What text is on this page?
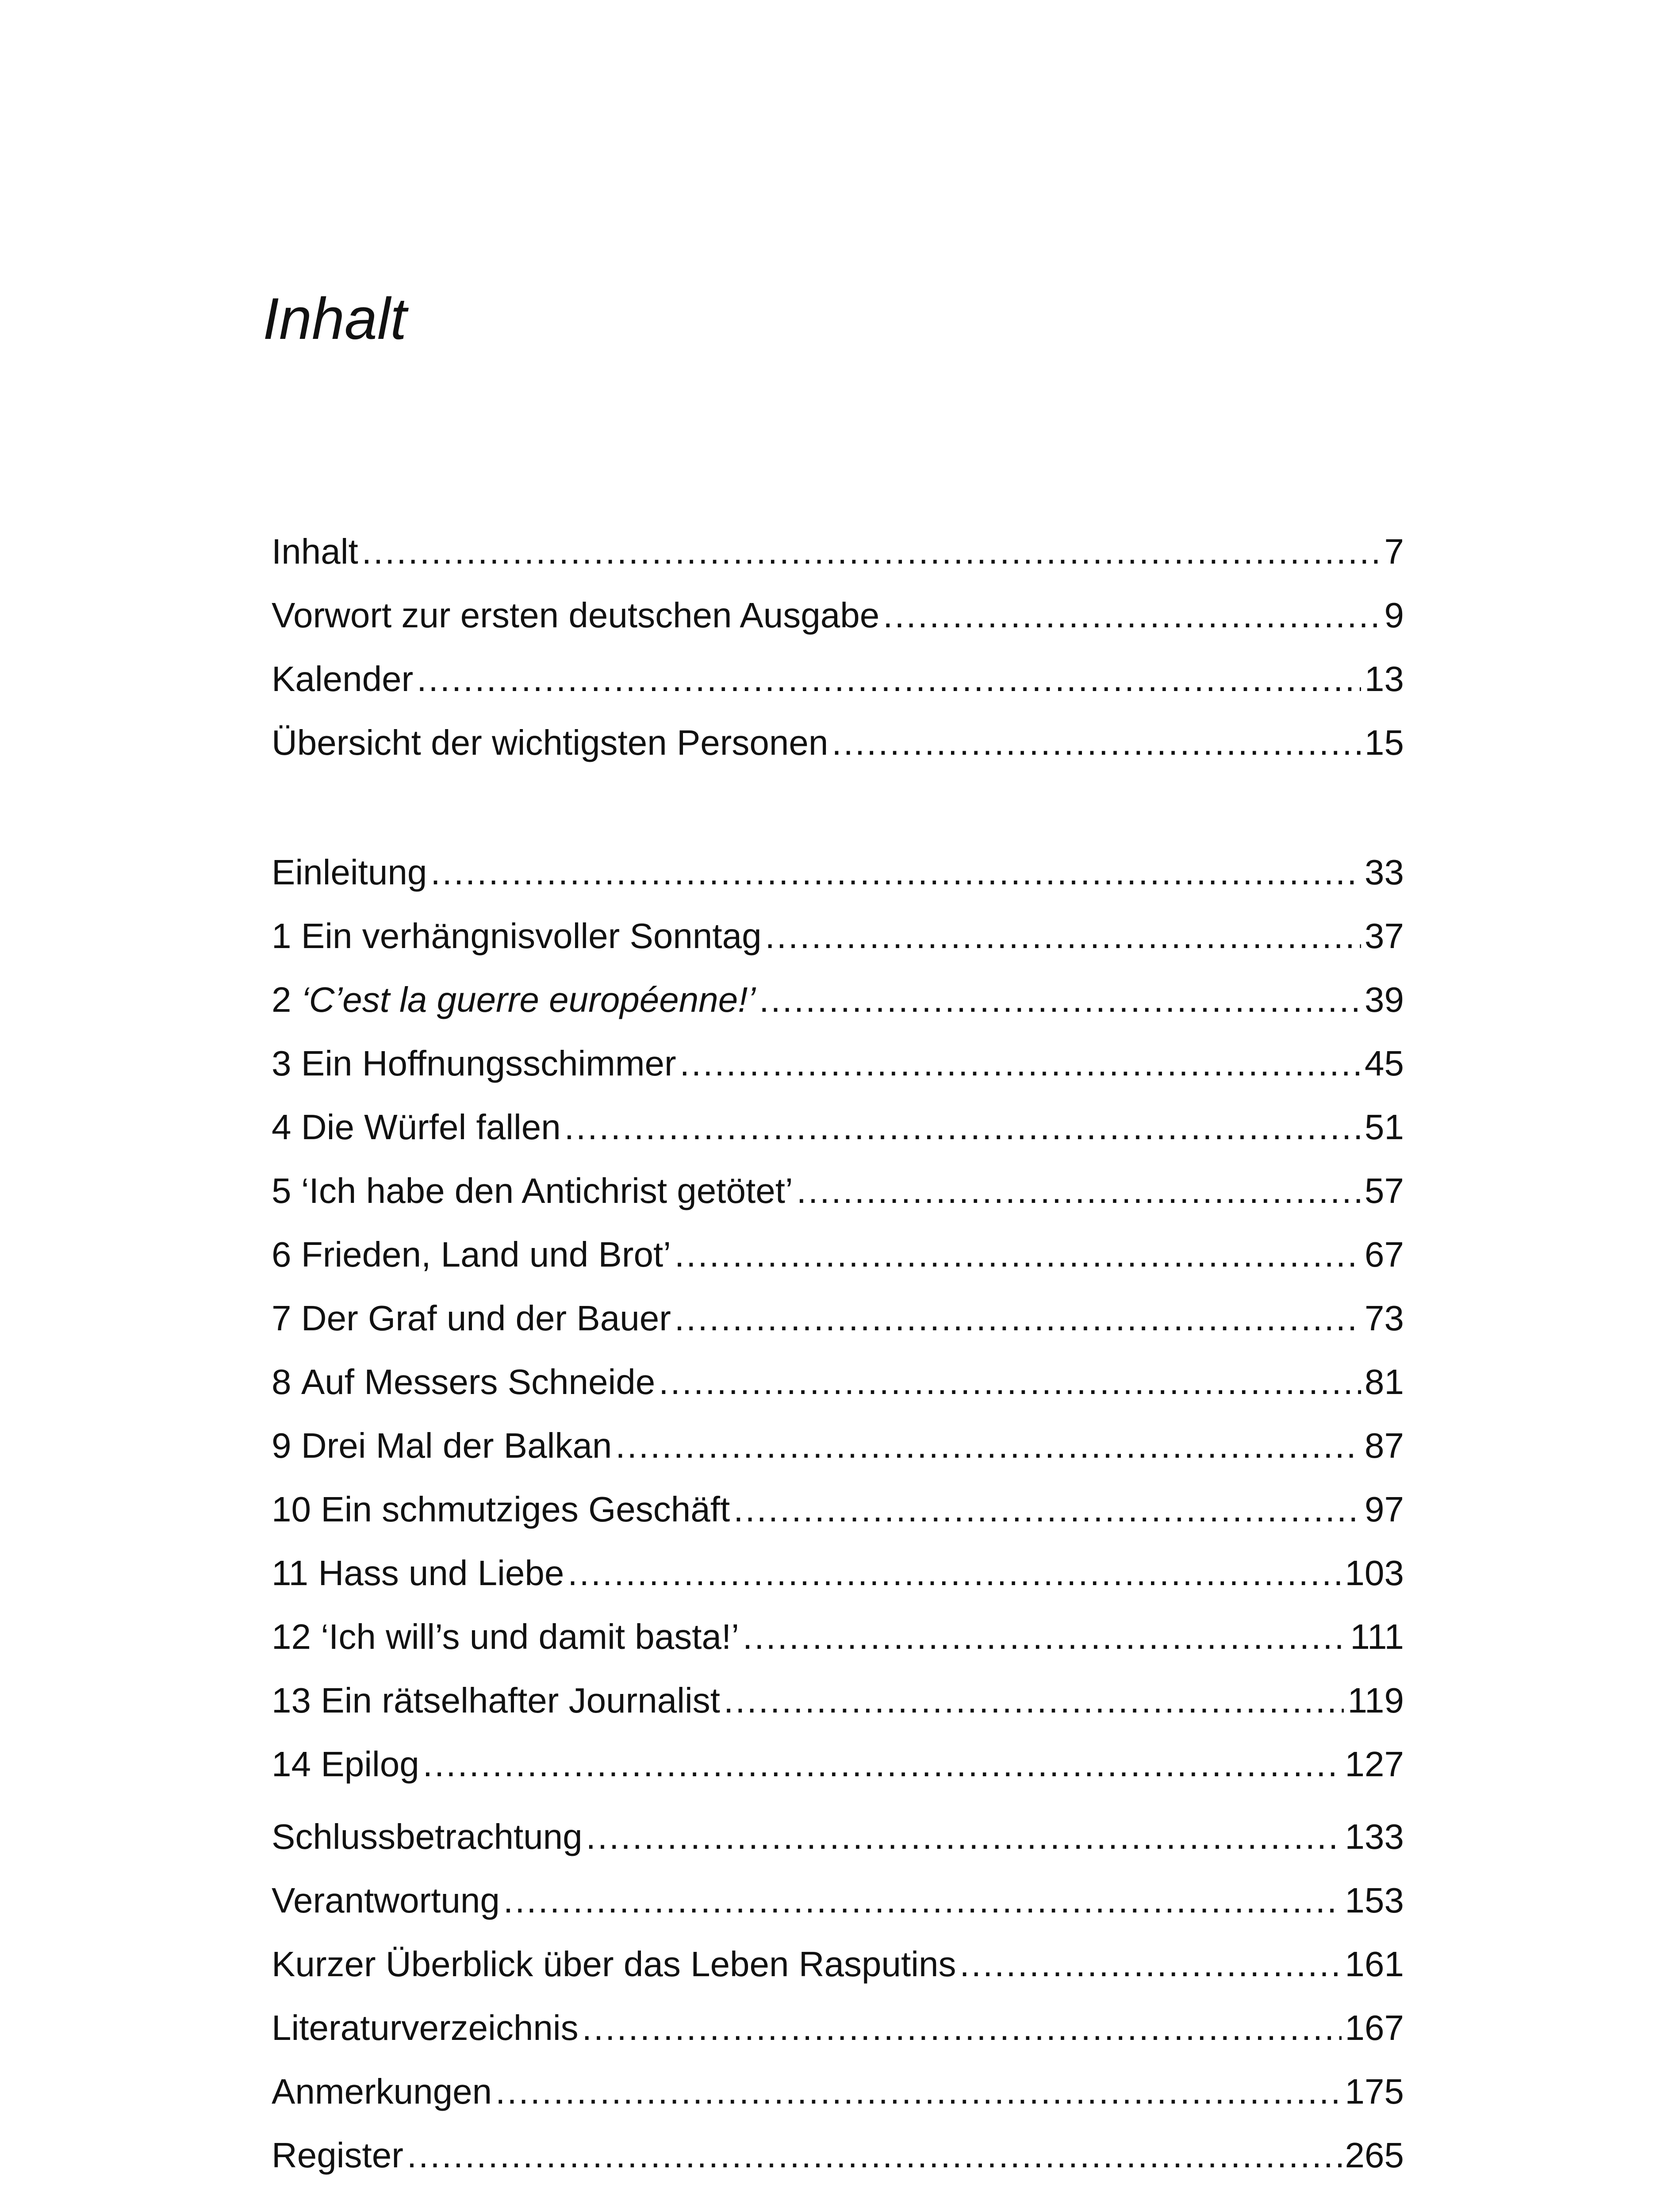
Inhalt
Inhalt .....	7
Vorwort zur ersten deutschen Ausgabe .....	9
Kalender .....	13
Übersicht der wichtigsten Personen .....	15
Einleitung .....	33
1 Ein verhängnisvoller Sonntag .....	37
2 ‘C’est la guerre européenne!’ .....	39
3 Ein Hoffnungsschimmer .....	45
4 Die Würfel fallen .....	51
5 ‘Ich habe den Antichrist getötet’ .....	57
6 Frieden, Land und Brot’ .....	67
7 Der Graf und der Bauer .....	73
8 Auf Messers Schneide .....	81
9 Drei Mal der Balkan .....	87
10 Ein schmutziges Geschäft .....	97
11 Hass und Liebe .....	103
12 ‘Ich will’s und damit basta!’ .....	111
13 Ein rätselhafter Journalist .....	119
14 Epilog .....	127
Schlussbetrachtung .....	133
Verantwortung .....	153
Kurzer Überblick über das Leben Rasputins .....	161
Literaturverzeichnis .....	167
Anmerkungen .....	175
Register .....	265
